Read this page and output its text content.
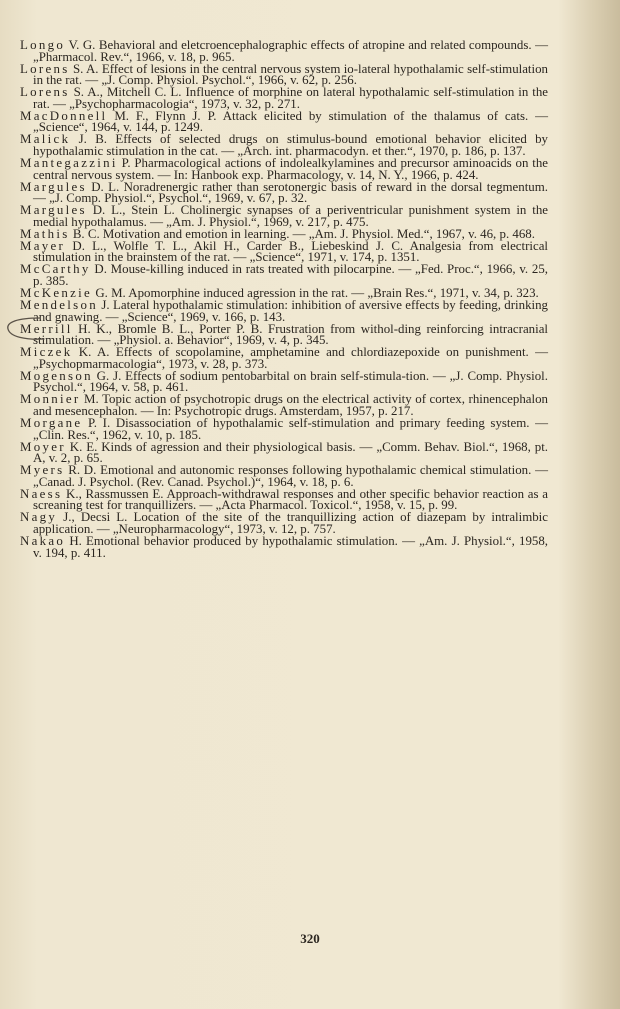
Longo V. G. Behavioral and eletcroencephalographic effects of atropine and related compounds. — „Pharmacol. Rev.“, 1966, v. 18, p. 965.

Lorens S. A. Effect of lesions in the central nervous system io-lateral hypothalamic self-stimulation in the rat. — „J. Comp. Physiol. Psychol.“, 1966, v. 62, p. 256.

Lorens S. A., Mitchell C. L. Influence of morphine on lateral hypothalamic self-stimulation in the rat. — „Psychopharmacologia“, 1973, v. 32, p. 271.

MacDonnell M. F., Flynn J. P. Attack elicited by stimulation of the thalamus of cats. — „Science“, 1964, v. 144, p. 1249.

Malick J. B. Effects of selected drugs on stimulus-bound emotional behavior elicited by hypothalamic stimulation in the cat. — „Arch. int. pharmacodyn. et ther.“, 1970, p. 186, p. 137.

Mantegazzini P. Pharmacological actions of indolealkylamines and precursor aminoacids on the central nervous system. — In: Hanbook exp. Pharmacology, v. 14, N. Y., 1966, p. 424.

Margules D. L. Noradrenergic rather than serotonergic basis of reward in the dorsal tegmentum. — „J. Comp. Physiol.“, Psychol.“, 1969, v. 67, p. 32.

Margules D. L., Stein L. Cholinergic synapses of a periventricular punishment system in the medial hypothalamus. — „Am. J. Physiol.“, 1969, v. 217, p. 475.

Mathis B. C. Motivation and emotion in learning. — „Am. J. Physiol. Med.“, 1967, v. 46, p. 468.

Mayer D. L., Wolfle T. L., Akil H., Carder B., Liebeskind J. C. Analgesia from electrical stimulation in the brainstem of the rat. — „Science“, 1971, v. 174, p. 1351.

McCarthy D. Mouse-killing induced in rats treated with pilocarpine. — „Fed. Proc.“, 1966, v. 25, p. 385.

McKenzie G. M. Apomorphine induced agression in the rat. — „Brain Res.“, 1971, v. 34, p. 323.

Mendelson J. Lateral hypothalamic stimulation: inhibition of aversive effects by feeding, drinking and gnawing. — „Science“, 1969, v. 166, p. 143.

Merrill H. K., Bromle B. L., Porter P. B. Frustration from withol-ding reinforcing intracranial stimulation. — „Physiol. a. Behavior“, 1969, v. 4, p. 345.

Miczek K. A. Effects of scopolamine, amphetamine and chlordiazepoxide on punishment. — „Psychopmarmacologia“, 1973, v. 28, p. 373.

Mogenson G. J. Effects of sodium pentobarbital on brain self-stimula-tion. — „J. Comp. Physiol. Psychol.“, 1964, v. 58, p. 461.

Monnier M. Topic action of psychotropic drugs on the electrical activity of cortex, rhinencephalon and mesencephalon. — In: Psychotropic drugs. Amsterdam, 1957, p. 217.

Morgane P. I. Disassociation of hypothalamic self-stimulation and primary feeding system. — „Clin. Res.“, 1962, v. 10, p. 185.

Moyer K. E. Kinds of agression and their physiological basis. — „Comm. Behav. Biol.“, 1968, pt. A, v. 2, p. 65.

Myers R. D. Emotional and autonomic responses following hypothalamic chemical stimulation. — „Canad. J. Psychol. (Rev. Canad. Psychol.)“, 1964, v. 18, p. 6.

Naess K., Rassmussen E. Approach-withdrawal responses and other specific behavior reaction as a screaning test for tranquillizers. — „Acta Pharmacol. Toxicol.“, 1958, v. 15, p. 99.

Nagy J., Decsi L. Location of the site of the tranquillizing action of diazepam by intralimbic application. — „Neuropharmacology“, 1973, v. 12, p. 757.

Nakao H. Emotional behavior produced by hypothalamic stimulation. — „Am. J. Physiol.“, 1958, v. 194, p. 411.

320
